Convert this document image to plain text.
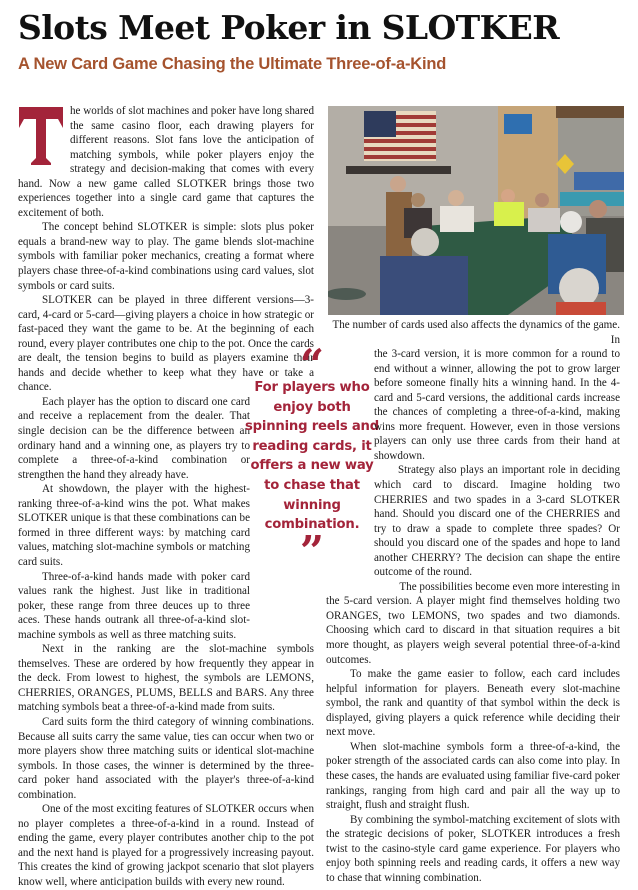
Slots Meet Poker in SLOTKER
A New Card Game Chasing the Ultimate Three-of-a-Kind

he worlds of slot machines and poker have long shared the same casino floor, each drawing players for different reasons. Slot fans love the anticipation of matching symbols, while poker players enjoy the strategy and decision-making that comes with every hand. Now a new game called SLOTKER brings those two experiences together into a single card game that captures the excitement of both.

The concept behind SLOTKER is simple: slots plus poker equals a brand-new way to play. The game blends slot-machine symbols with familiar poker mechanics, creating a format where players chase three-of-a-kind combinations using card values, slot symbols or card suits.

SLOTKER can be played in three different versions—3-card, 4-card or 5-card—giving players a choice in how strategic or fast-paced they want the game to be. At the beginning of each round, every player contributes one chip to the pot. Once the cards are dealt, the tension begins to build as players examine their hands and decide whether to keep what they have or take a chance.

Each player has the option to discard one card and receive a replacement from the dealer. That single decision can be the difference between an ordinary hand and a winning one, as players try to complete a three-of-a-kind combination or strengthen the hand they already have.

At showdown, the player with the highest-ranking three-of-a-kind wins the pot. What makes SLOTKER unique is that these combinations can be formed in three different ways: by matching card values, matching slot-machine symbols or matching card suits.

Three-of-a-kind hands made with poker card values rank the highest. Just like in traditional poker, these range from three deuces up to three aces. These hands outrank all three-of-a-kind slot-machine symbols as well as three matching suits.

Next in the ranking are the slot-machine symbols themselves. These are ordered by how frequently they appear in the deck. From lowest to highest, the symbols are LEMONS, CHERRIES, ORANGES, PLUMS, BELLS and BARS. Any three matching symbols beat a three-of-a-kind made from suits.

Card suits form the third category of winning combinations. Because all suits carry the same value, ties can occur when two or more players show three matching suits or identical slot-machine symbols. In those cases, the winner is determined by the three-card poker hand associated with the player's three-of-a-kind combination.

One of the most exciting features of SLOTKER occurs when no player completes a three-of-a-kind in a round. Instead of ending the game, every player contributes another chip to the pot and the next hand is played for a progressively increasing payout. This creates the kind of growing jackpot scenario that slot players know well, where anticipation builds with every new round.

“
For players who enjoy both spinning reels and reading cards, it offers a new way to chase that winning combination.
”

The number of cards used also affects the dynamics of the game. In

the 3-card version, it is more common for a round to end without a winner, allowing the pot to grow larger before someone finally hits a winning hand. In the 4-card and 5-card versions, the additional cards increase the chances of completing a three-of-a-kind, making wins more frequent. However, even in those versions players can only use three cards from their hand at showdown.

Strategy also plays an important role in deciding which card to discard. Imagine holding two CHERRIES and two spades in a 3-card SLOTKER hand. Should you discard one of the CHERRIES and try to draw a spade to complete three spades? Or should you discard one of the spades and hope to land another CHERRY? The decision can shape the entire outcome of the round.

The possibilities become even more interesting in

the 5-card version. A player might find themselves holding two ORANGES, two LEMONS, two spades and two diamonds. Choosing which card to discard in that situation requires a bit more thought, as players weigh several potential three-of-a-kind outcomes.

To make the game easier to follow, each card includes helpful information for players. Beneath every slot-machine symbol, the rank and quantity of that symbol within the deck is displayed, giving players a quick reference while deciding their next move.

When slot-machine symbols form a three-of-a-kind, the poker strength of the associated cards can also come into play. In these cases, the hands are evaluated using familiar five-card poker rankings, ranging from high card and pair all the way up to straight, flush and straight flush.

By combining the symbol-matching excitement of slots with the strategic decisions of poker, SLOTKER introduces a fresh twist to the casino-style card game experience. For players who enjoy both spinning reels and reading cards, it offers a new way to chase that winning combination.
